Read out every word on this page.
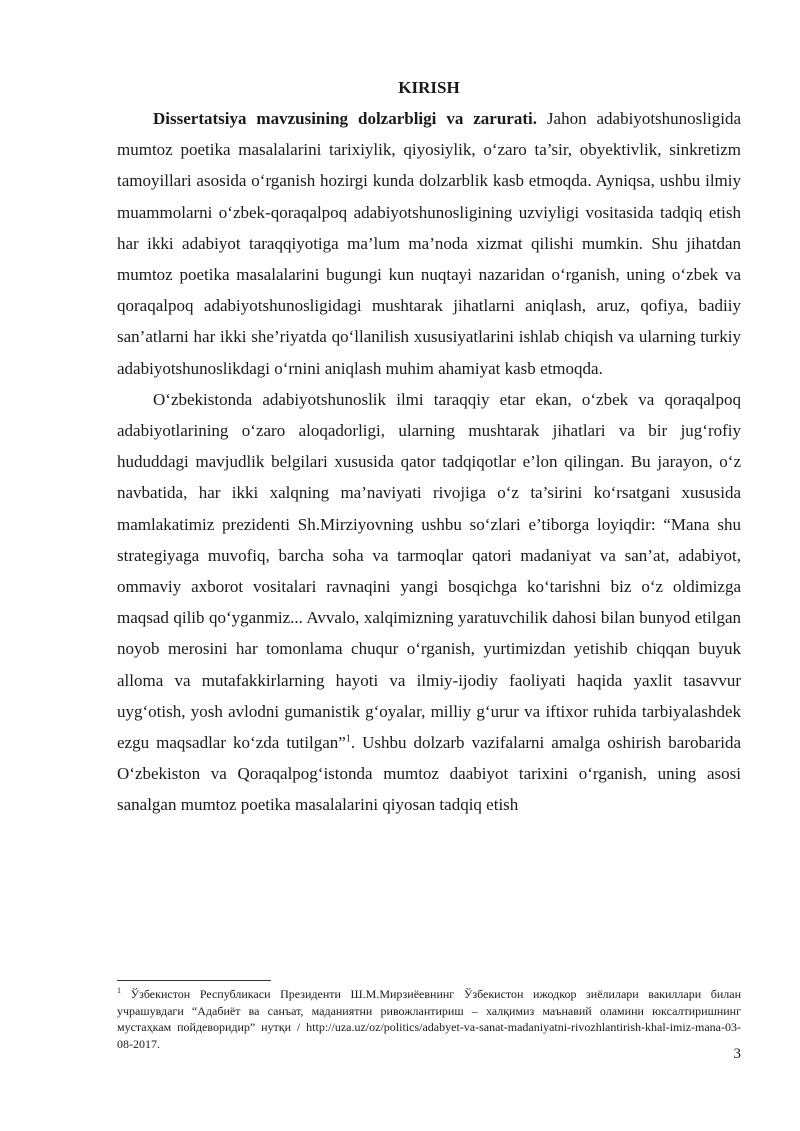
KIRISH

Dissertatsiya mavzusining dolzarbligi va zarurati. Jahon adabiyotshunosligida mumtoz poetika masalalarini tarixiylik, qiyosiylik, o‘zaro ta’sir, obyektivlik, sinkretizm tamoyillari asosida o‘rganish hozirgi kunda dolzarblik kasb etmoqda. Ayniqsa, ushbu ilmiy muammolarni o‘zbek-qoraqalpoq adabiyotshunosligining uzviyligi vositasida tadqiq etish har ikki adabiyot taraqqiyotiga ma’lum ma’noda xizmat qilishi mumkin. Shu jihatdan mumtoz poetika masalalarini bugungi kun nuqtayi nazaridan o‘rganish, uning o‘zbek va qoraqalpoq adabiyotshunosligidagi mushtarak jihatlarni aniqlash, aruz, qofiya, badiiy san’atlarni har ikki she’riyatda qo‘llanilish xususiyatlarini ishlab chiqish va ularning turkiy adabiyotshunoslikdagi o‘rnini aniqlash muhim ahamiyat kasb etmoqda.

O‘zbekistonda adabiyotshunoslik ilmi taraqqiy etar ekan, o‘zbek va qoraqalpoq adabiyotlarining o‘zaro aloqadorligi, ularning mushtarak jihatlari va bir jug‘rofiy hududdagi mavjudlik belgilari xususida qator tadqiqotlar e’lon qilingan. Bu jarayon, o‘z navbatida, har ikki xalqning ma’naviyati rivojiga o‘z ta’sirini ko‘rsatgani xususida mamlakatimiz prezidenti Sh.Mirziyovning ushbu so‘zlari e’tiborga loyiqdir: “Mana shu strategiyaga muvofiq, barcha soha va tarmoqlar qatori madaniyat va san’at, adabiyot, ommaviy axborot vositalari ravnaqini yangi bosqichga ko‘tarishni biz o‘z oldimizga maqsad qilib qo‘yganmiz... Avvalo, xalqimizning yaratuvchilik dahosi bilan bunyod etilgan noyob merosini har tomonlama chuqur o‘rganish, yurtimizdan yetishib chiqqan buyuk alloma va mutafakkirlarning hayoti va ilmiy-ijodiy faoliyati haqida yaxlit tasavvur uyg‘otish, yosh avlodni gumanistik g‘oyalar, milliy g‘urur va iftixor ruhida tarbiyalashdek ezgu maqsadlar ko‘zda tutilgan”$^1$. Ushbu dolzarb vazifalarni amalga oshirish barobarida O‘zbekiston va Qoraqalpog‘istonda mumtoz daabiyot tarixini o‘rganish, uning asosi sanalgan mumtoz poetika masalalarini qiyosan tadqiq etish

$^1$ Ўзбекистон Республикаси Президенти Ш.М.Мирзиёевнинг Ўзбекистон ижодкор зиёлилари вакиллари билан учрашувдаги “Адабиёт ва санъат, маданиятни ривожлантириш – халқимиз маънавий оламини юксалтиришнинг мустаҳкам пойдеворидир” нутқи / http://uza.uz/oz/politics/adabyet-va-sanat-madaniyatni-rivozhlantirish-khal-imiz-mana-03-08-2017.

3
